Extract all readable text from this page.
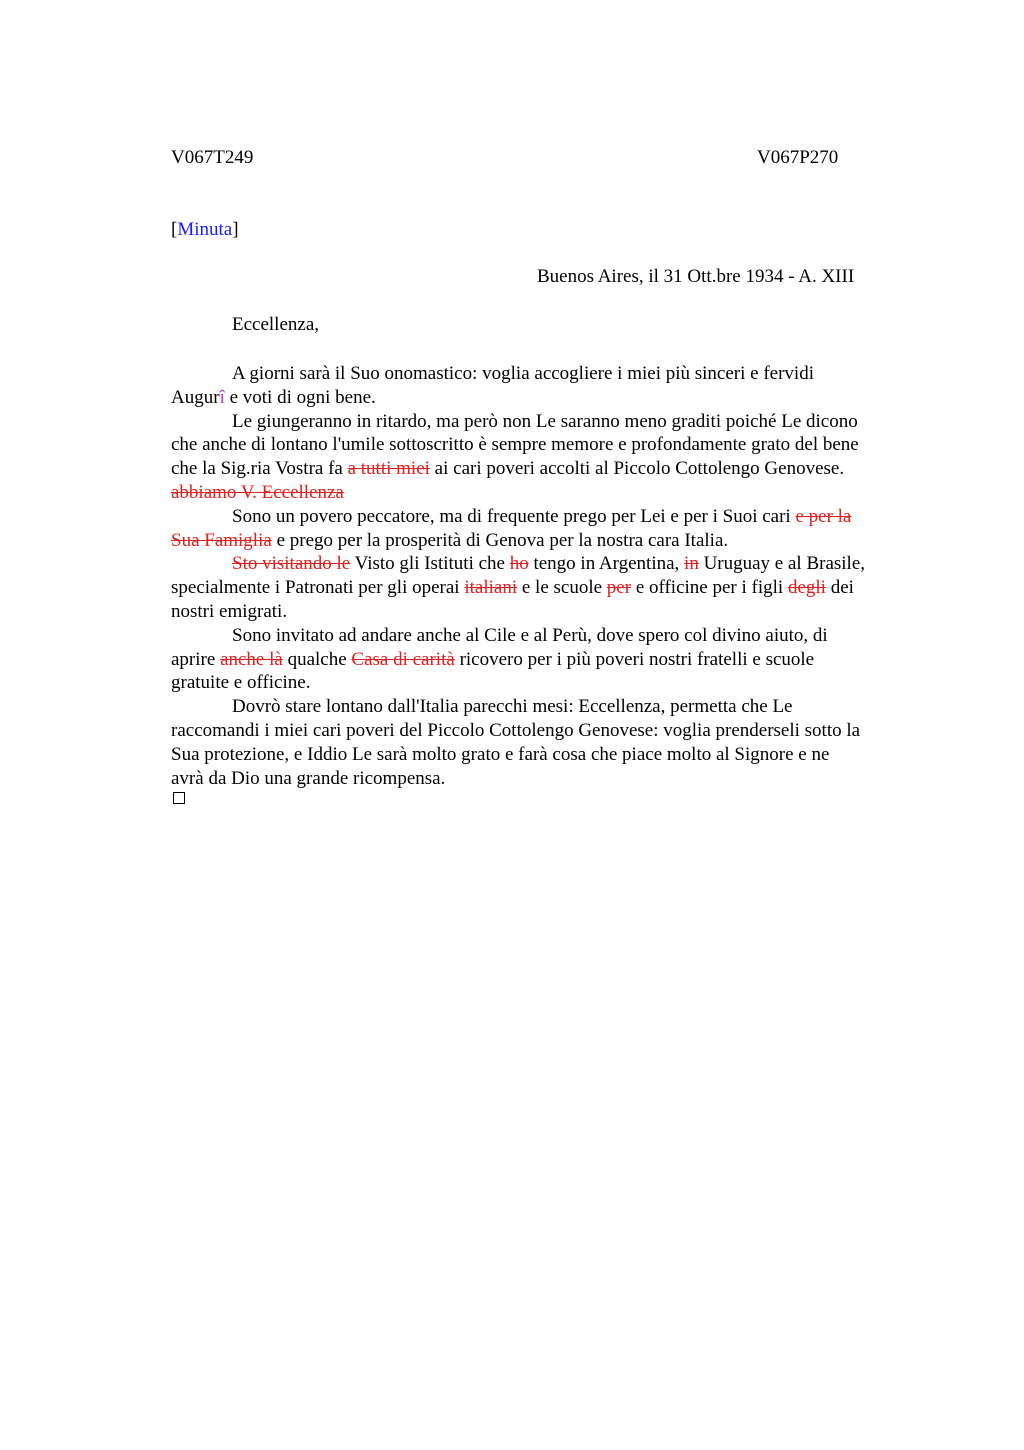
V067T249	V067P270
[Minuta]
Buenos Aires, il 31 Ott.bre 1934 - A. XIII
Eccellenza,
A giorni sarà il Suo onomastico: voglia accogliere i miei più sinceri e fervidi
Augurî e voti di ogni bene.
Le giungeranno in ritardo, ma però non Le saranno meno graditi poiché Le dicono
che anche di lontano l'umile sottoscritto è sempre memore e profondamente grato del bene
che la Sig.ria Vostra fa a tutti miei ai cari poveri accolti al Piccolo Cottolengo Genovese.
abbiamo V. Eccellenza
Sono un povero peccatore, ma di frequente prego per Lei e per i Suoi cari e per la
Sua Famiglia e prego per la prosperità di Genova per la nostra cara Italia.
Sto visitando le Visto gli Istituti che ho tengo in Argentina, in Uruguay e al Brasile,
specialmente i Patronati per gli operai italiani e le scuole per e officine per i figli degli dei
nostri emigrati.
Sono invitato ad andare anche al Cile e al Perù, dove spero col divino aiuto, di
aprire anche là qualche Casa di carità ricovero per i più poveri nostri fratelli e scuole
gratuite e officine.
Dovrò stare lontano dall'Italia parecchi mesi: Eccellenza, permetta che Le
raccomandi i miei cari poveri del Piccolo Cottolengo Genovese: voglia prenderseli sotto la
Sua protezione, e Iddio Le sarà molto grato e farà cosa che piace molto al Signore e ne
avrà da Dio una grande ricompensa.
